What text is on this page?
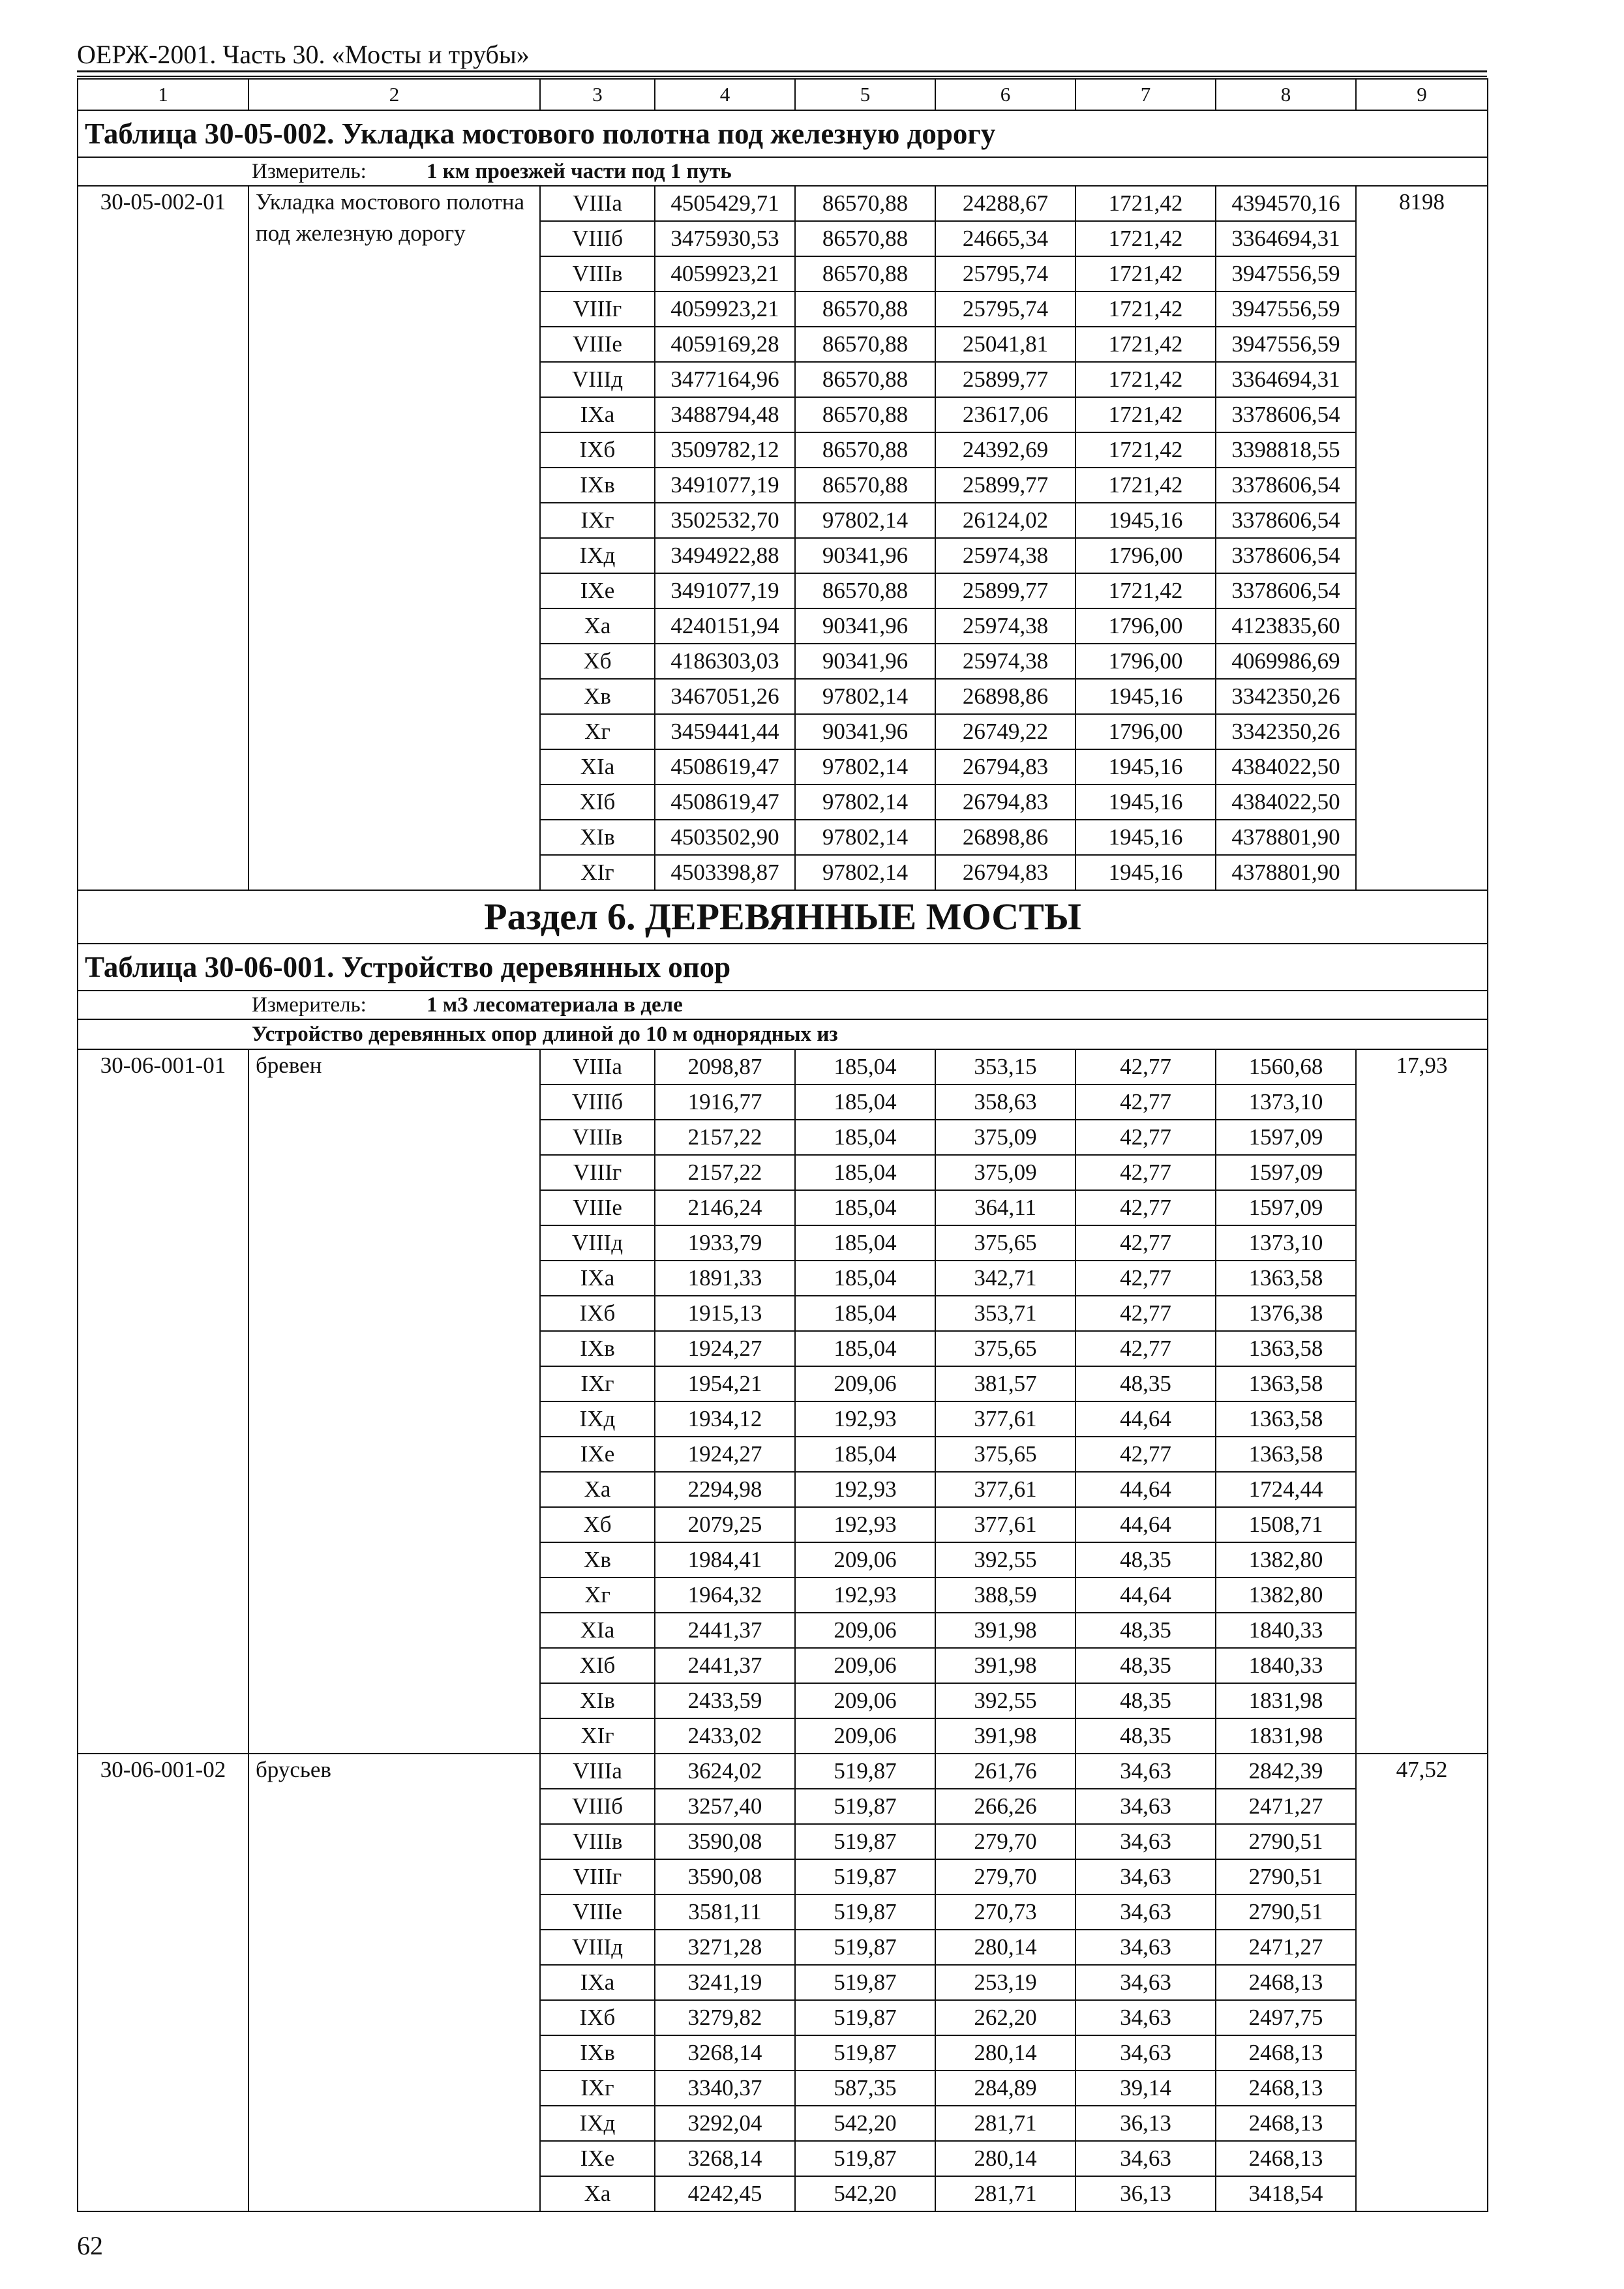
ОЕРЖ-2001. Часть 30. «Мосты и трубы»
1	2	3	4	5	6	7	8	9
Таблица 30-05-002. Укладка мостового полотна под железную дорогу								
Измеритель: 1 км проезжей части под 1 путь								
30-05-002-01	Укладка мостового полотна под железную дорогу	VIIIа	4505429,71	86570,88	24288,67	1721,42	4394570,16	8198
		VIIIб	3475930,53	86570,88	24665,34	1721,42	3364694,31	
		VIIIв	4059923,21	86570,88	25795,74	1721,42	3947556,59	
		VIIIг	4059923,21	86570,88	25795,74	1721,42	3947556,59	
		VIIIе	4059169,28	86570,88	25041,81	1721,42	3947556,59	
		VIIIд	3477164,96	86570,88	25899,77	1721,42	3364694,31	
		IXа	3488794,48	86570,88	23617,06	1721,42	3378606,54	
		IXб	3509782,12	86570,88	24392,69	1721,42	3398818,55	
		IXв	3491077,19	86570,88	25899,77	1721,42	3378606,54	
		IXг	3502532,70	97802,14	26124,02	1945,16	3378606,54	
		IXд	3494922,88	90341,96	25974,38	1796,00	3378606,54	
		IXе	3491077,19	86570,88	25899,77	1721,42	3378606,54	
		Xа	4240151,94	90341,96	25974,38	1796,00	4123835,60	
		Xб	4186303,03	90341,96	25974,38	1796,00	4069986,69	
		Xв	3467051,26	97802,14	26898,86	1945,16	3342350,26	
		Xг	3459441,44	90341,96	26749,22	1796,00	3342350,26	
		XIа	4508619,47	97802,14	26794,83	1945,16	4384022,50	
		XIб	4508619,47	97802,14	26794,83	1945,16	4384022,50	
		XIв	4503502,90	97802,14	26898,86	1945,16	4378801,90	
		XIг	4503398,87	97802,14	26794,83	1945,16	4378801,90	
Раздел 6. ДЕРЕВЯННЫЕ МОСТЫ								
Таблица 30-06-001. Устройство деревянных опор								
Измеритель: 1 м3 лесоматериала в деле								
Устройство деревянных опор длиной до 10 м однорядных из								
30-06-001-01	бревен	VIIIа	2098,87	185,04	353,15	42,77	1560,68	17,93
		VIIIб	1916,77	185,04	358,63	42,77	1373,10	
		VIIIв	2157,22	185,04	375,09	42,77	1597,09	
		VIIIг	2157,22	185,04	375,09	42,77	1597,09	
		VIIIе	2146,24	185,04	364,11	42,77	1597,09	
		VIIIд	1933,79	185,04	375,65	42,77	1373,10	
		IXа	1891,33	185,04	342,71	42,77	1363,58	
		IXб	1915,13	185,04	353,71	42,77	1376,38	
		IXв	1924,27	185,04	375,65	42,77	1363,58	
		IXг	1954,21	209,06	381,57	48,35	1363,58	
		IXд	1934,12	192,93	377,61	44,64	1363,58	
		IXе	1924,27	185,04	375,65	42,77	1363,58	
		Xа	2294,98	192,93	377,61	44,64	1724,44	
		Xб	2079,25	192,93	377,61	44,64	1508,71	
		Xв	1984,41	209,06	392,55	48,35	1382,80	
		Xг	1964,32	192,93	388,59	44,64	1382,80	
		XIа	2441,37	209,06	391,98	48,35	1840,33	
		XIб	2441,37	209,06	391,98	48,35	1840,33	
		XIв	2433,59	209,06	392,55	48,35	1831,98	
		XIг	2433,02	209,06	391,98	48,35	1831,98	
30-06-001-02	брусьев	VIIIа	3624,02	519,87	261,76	34,63	2842,39	47,52
		VIIIб	3257,40	519,87	266,26	34,63	2471,27	
		VIIIв	3590,08	519,87	279,70	34,63	2790,51	
		VIIIг	3590,08	519,87	279,70	34,63	2790,51	
		VIIIе	3581,11	519,87	270,73	34,63	2790,51	
		VIIIд	3271,28	519,87	280,14	34,63	2471,27	
		IXа	3241,19	519,87	253,19	34,63	2468,13	
		IXб	3279,82	519,87	262,20	34,63	2497,75	
		IXв	3268,14	519,87	280,14	34,63	2468,13	
		IXг	3340,37	587,35	284,89	39,14	2468,13	
		IXд	3292,04	542,20	281,71	36,13	2468,13	
		IXе	3268,14	519,87	280,14	34,63	2468,13	
		Xа	4242,45	542,20	281,71	36,13	3418,54	
62
